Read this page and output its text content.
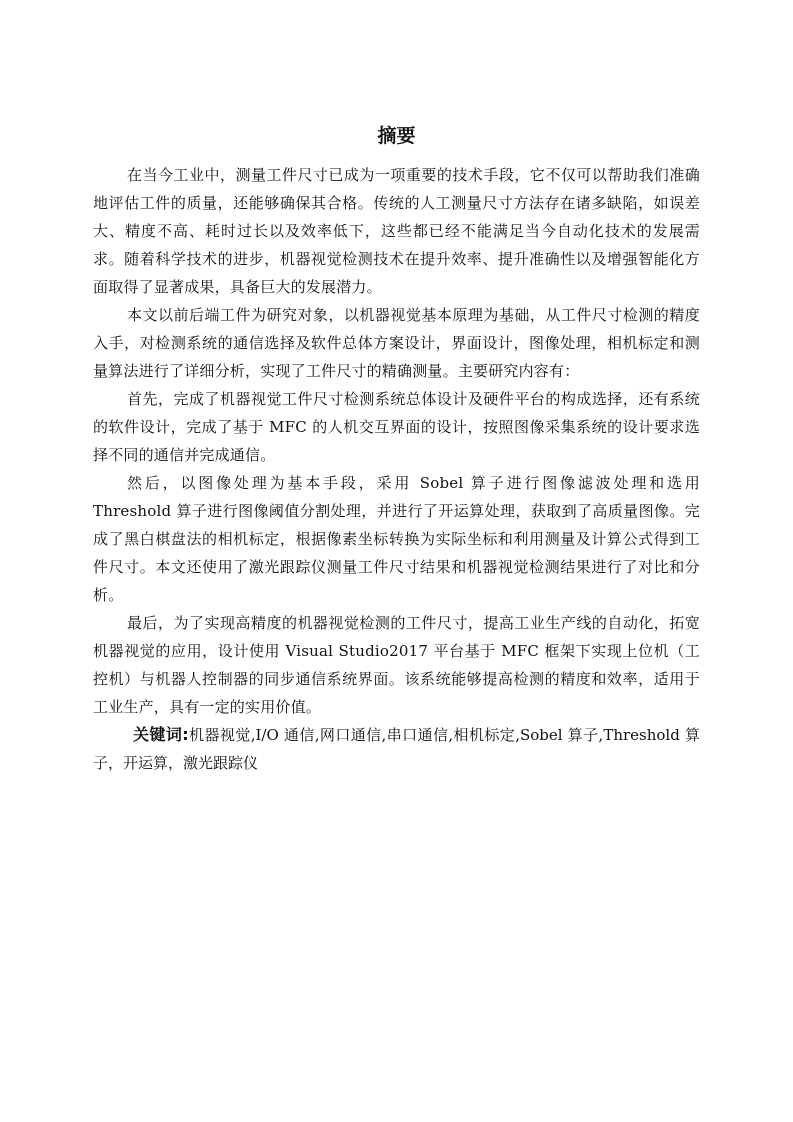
摘要

在当今工业中，测量工件尺寸已成为一项重要的技术手段，它不仅可以帮助我们准确地评估工件的质量，还能够确保其合格。传统的人工测量尺寸方法存在诸多缺陷，如误差大、精度不高、耗时过长以及效率低下，这些都已经不能满足当今自动化技术的发展需求。随着科学技术的进步，机器视觉检测技术在提升效率、提升准确性以及增强智能化方面取得了显著成果，具备巨大的发展潜力。

本文以前后端工件为研究对象，以机器视觉基本原理为基础，从工件尺寸检测的精度入手，对检测系统的通信选择及软件总体方案设计，界面设计，图像处理，相机标定和测量算法进行了详细分析，实现了工件尺寸的精确测量。主要研究内容有：

首先，完成了机器视觉工件尺寸检测系统总体设计及硬件平台的构成选择，还有系统的软件设计，完成了基于 MFC 的人机交互界面的设计，按照图像采集系统的设计要求选择不同的通信并完成通信。

然后，以图像处理为基本手段，采用 Sobel 算子进行图像滤波处理和选用 Threshold 算子进行图像阈值分割处理，并进行了开运算处理，获取到了高质量图像。完成了黑白棋盘法的相机标定，根据像素坐标转换为实际坐标和利用测量及计算公式得到工件尺寸。本文还使用了激光跟踪仪测量工件尺寸结果和机器视觉检测结果进行了对比和分析。

最后，为了实现高精度的机器视觉检测的工件尺寸，提高工业生产线的自动化，拓宽机器视觉的应用，设计使用 Visual Studio2017 平台基于 MFC 框架下实现上位机（工控机）与机器人控制器的同步通信系统界面。该系统能够提高检测的精度和效率，适用于工业生产，具有一定的实用价值。

关键词:机器视觉,I/O 通信,网口通信,串口通信,相机标定,Sobel 算子,Threshold 算子，开运算，激光跟踪仪
